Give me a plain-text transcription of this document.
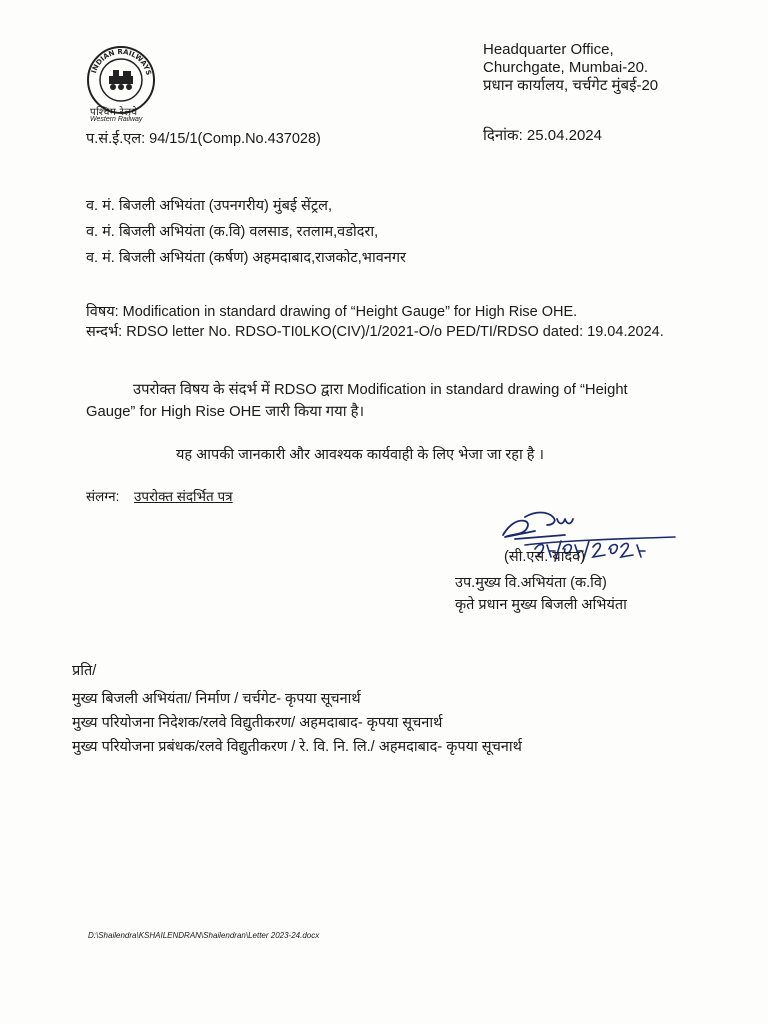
INDIAN RAILWAYS
पश्चिम रेलवे
Western Railway
Headquarter Office,
Churchgate, Mumbai-20.
प्रधान कार्यालय, चर्चगेट मुंबई-20
प.सं.ई.एल: 94/15/1(Comp.No.437028)	दिनांक: 25.04.2024
व. मं. बिजली अभियंता (उपनगरीय) मुंबई सेंट्रल,
व. मं. बिजली अभियंता (क.वि) वलसाड, रतलाम,वडोदरा,
व. मं. बिजली अभियंता (कर्षण) अहमदाबाद,राजकोट,भावनगर
विषय: Modification in standard drawing of “Height Gauge” for High Rise OHE.
सन्दर्भ: RDSO letter No. RDSO-TI0LKO(CIV)/1/2021-O/o PED/TI/RDSO dated: 19.04.2024.
उपरोक्त विषय के संदर्भ में RDSO द्वारा Modification in standard drawing of “Height
Gauge” for High Rise OHE जारी किया गया है।
यह आपकी जानकारी और आवश्यक कार्यवाही के लिए भेजा जा रहा है ।
संलग्न: उपरोक्त संदर्भित पत्र
(सी.एस. यादव)
उप.मुख्य वि.अभियंता (क.वि)
कृते प्रधान मुख्य बिजली अभियंता
प्रति/
मुख्य बिजली अभियंता/ निर्माण / चर्चगेट- कृपया सूचनार्थ
मुख्य परियोजना निदेशक/रलवे विद्युतीकरण/ अहमदाबाद- कृपया सूचनार्थ
मुख्य परियोजना प्रबंधक/रलवे विद्युतीकरण / रे. वि. नि. लि./ अहमदाबाद- कृपया सूचनार्थ
D:\Shailendra\KSHAILENDRAN\Shailendran\Letter 2023-24.docx
